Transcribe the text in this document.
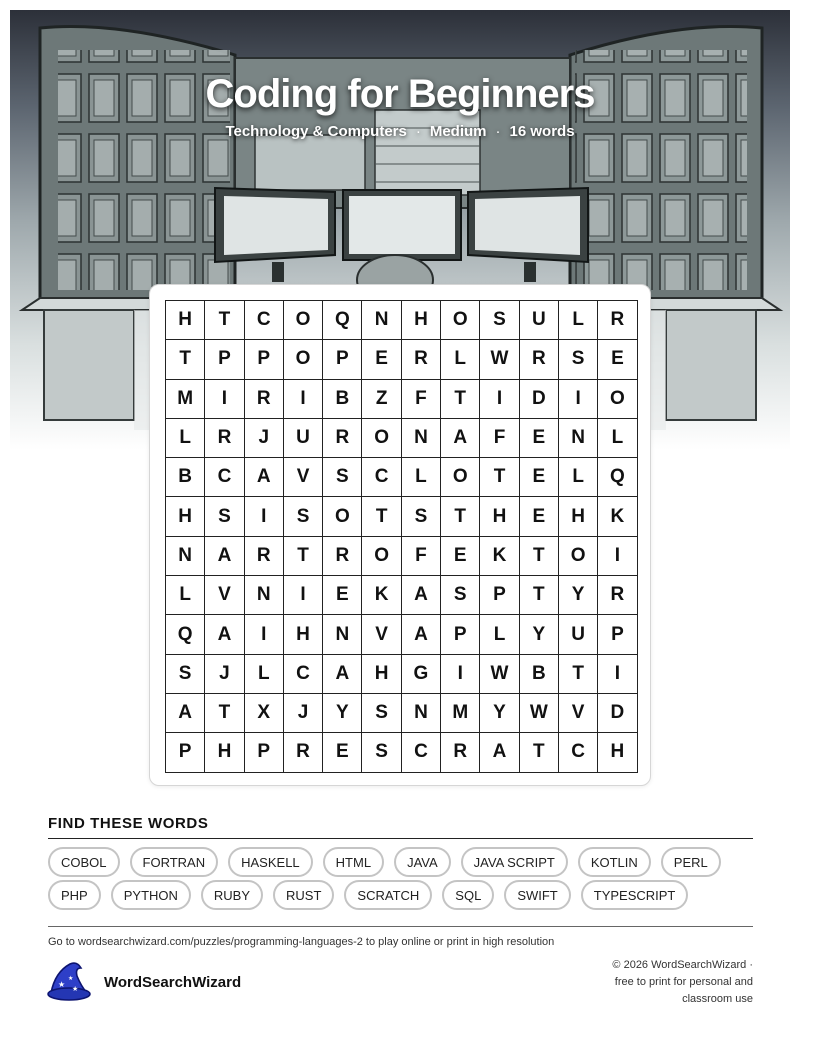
Coding for Beginners
Technology & Computers · Medium · 16 words
H	T	C	O	Q	N	H	O	S	U	L	R
T	P	P	O	P	E	R	L	W	R	S	E
M	I	R	I	B	Z	F	T	I	D	I	O
L	R	J	U	R	O	N	A	F	E	N	L
B	C	A	V	S	C	L	O	T	E	L	Q
H	S	I	S	O	T	S	T	H	E	H	K
N	A	R	T	R	O	F	E	K	T	O	I
L	V	N	I	E	K	A	S	P	T	Y	R
Q	A	I	H	N	V	A	P	L	Y	U	P
S	J	L	C	A	H	G	I	W	B	T	I
A	T	X	J	Y	S	N	M	Y	W	V	D
P	H	P	R	E	S	C	R	A	T	C	H
FIND THESE WORDS
COBOL	FORTRAN	HASKELL	HTML	JAVA	JAVA SCRIPT	KOTLIN	PERL
PHP	PYTHON	RUBY	RUST	SCRATCH	SQL	SWIFT	TYPESCRIPT
Go to wordsearchwizard.com/puzzles/programming-languages-2 to play online or print in high resolution
★
★
★ WordSearchWizard
© 2026 WordSearchWizard ·
free to print for personal and
classroom use
